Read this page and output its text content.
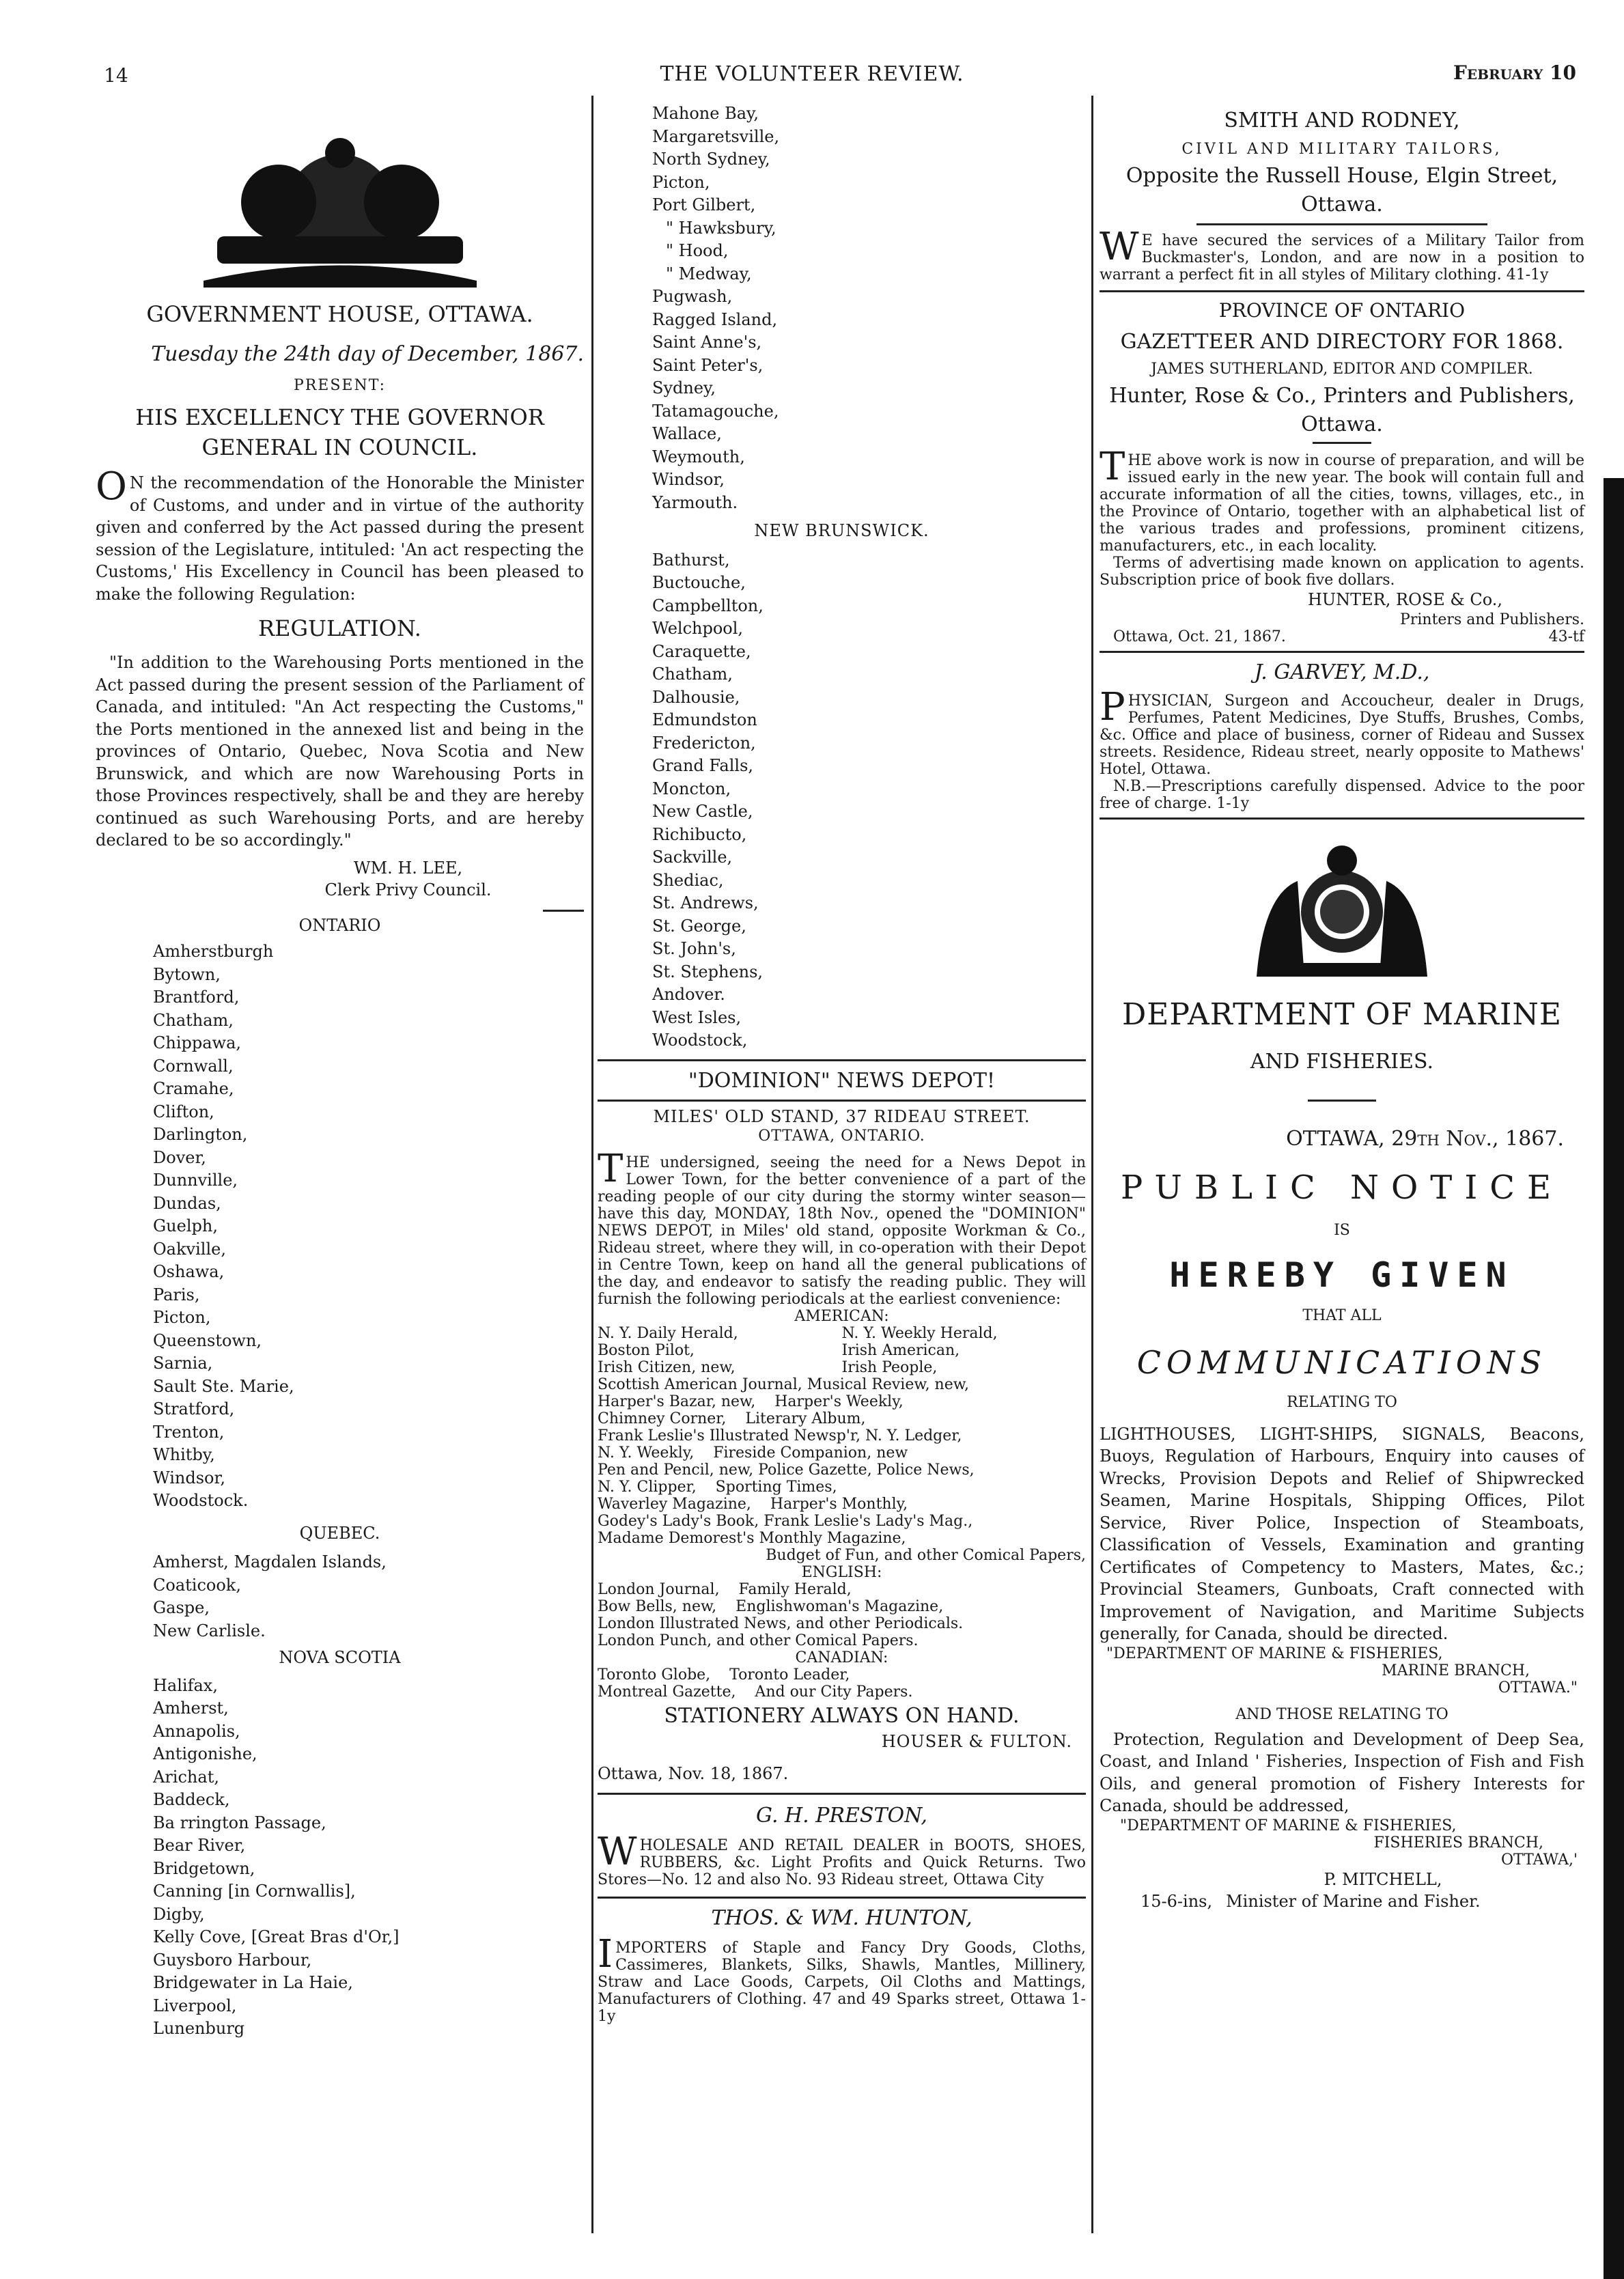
14	THE VOLUNTEER REVIEW.	February 10
GOVERNMENT HOUSE, OTTAWA.
Tuesday the 24th day of December, 1867.
PRESENT:
HIS EXCELLENCY THE GOVERNOR GENERAL IN COUNCIL.

ON the recommendation of the Honorable the Minister of Customs, and under and in virtue of the authority given and conferred by the Act passed during the present session of the Legislature, intituled: 'An act respecting the Customs,' His Excellency in Council has been pleased to make the following Regulation:

REGULATION.

"In addition to the Warehousing Ports mentioned in the Act passed during the present session of the Parliament of Canada, and intituled: "An Act respecting the Customs," the Ports mentioned in the annexed list and being in the provinces of Ontario, Quebec, Nova Scotia and New Brunswick, and which are now Warehousing Ports in those Provinces respectively, shall be and they are hereby continued as such Warehousing Ports, and are hereby declared to be so accordingly."

WM. H. LEE,
Clerk Privy Council.
ONTARIO
Amherstburgh
Bytown,
Brantford,
Chatham,
Chippawa,
Cornwall,
Cramahe,
Clifton,
Darlington,
Dover,
Dunnville,
Dundas,
Guelph,
Oakville,
Oshawa,
Paris,
Picton,
Queenstown,
Sarnia,
Sault Ste. Marie,
Stratford,
Trenton,
Whitby,
Windsor,
Woodstock.
QUEBEC.
Amherst, Magdalen Islands,
Coaticook,
Gaspe,
New Carlisle.
NOVA SCOTIA
Halifax,
Amherst,
Annapolis,
Antigonishe,
Arichat,
Baddeck,
Ba rrington Passage,
Bear River,
Bridgetown,
Canning [in Cornwallis],
Digby,
Kelly Cove, [Great Bras d'Or,]
Guysboro Harbour,
Bridgewater in La Haie,
Liverpool,
Lunenburg
Mahone Bay,
Margaretsville,
North Sydney,
Picton,
Port Gilbert,
" Hawksbury,
" Hood,
" Medway,
Pugwash,
Ragged Island,
Saint Anne's,
Saint Peter's,
Sydney,
Tatamagouche,
Wallace,
Weymouth,
Windsor,
Yarmouth.
NEW BRUNSWICK.
Bathurst,
Buctouche,
Campbellton,
Welchpool,
Caraquette,
Chatham,
Dalhousie,
Edmundston
Fredericton,
Grand Falls,
Moncton,
New Castle,
Richibucto,
Sackville,
Shediac,
St. Andrews,
St. George,
St. John's,
St. Stephens,
Andover.
West Isles,
Woodstock,
"DOMINION" NEWS DEPOT!
MILES' OLD STAND, 37 RIDEAU STREET.
OTTAWA, ONTARIO.

THE undersigned, seeing the need for a News Depot in Lower Town, for the better convenience of a part of the reading people of our city during the stormy winter season—have this day, MONDAY, 18th Nov., opened the "DOMINION" NEWS DEPOT, in Miles' old stand, opposite Workman & Co., Rideau street, where they will, in co-operation with their Depot in Centre Town, keep on hand all the general publications of the day, and endeavor to satisfy the reading public. They will furnish the following periodicals at the earliest convenience:

AMERICAN:
N. Y. Daily Herald,	N. Y. Weekly Herald,
Boston Pilot,	Irish American,
Irish Citizen, new,	Irish People,
Scottish American Journal, Musical Review, new,
Harper's Bazar, new,    Harper's Weekly,
Chimney Corner,    Literary Album,
Frank Leslie's Illustrated Newsp'r, N. Y. Ledger,
N. Y. Weekly,    Fireside Companion, new
Pen and Pencil, new, Police Gazette, Police News,
N. Y. Clipper,    Sporting Times,
Waverley Magazine,    Harper's Monthly,
Godey's Lady's Book, Frank Leslie's Lady's Mag.,
Madame Demorest's Monthly Magazine,
Budget of Fun, and other Comical Papers,
ENGLISH:
London Journal,    Family Herald,
Bow Bells, new,    Englishwoman's Magazine,
London Illustrated News, and other Periodicals.
London Punch, and other Comical Papers.
CANADIAN:
Toronto Globe,    Toronto Leader,
Montreal Gazette,    And our City Papers.
STATIONERY ALWAYS ON HAND.
HOUSER & FULTON.
Ottawa, Nov. 18, 1867.
G. H. PRESTON,

WHOLESALE AND RETAIL DEALER in BOOTS, SHOES, RUBBERS, &c. Light Profits and Quick Returns. Two Stores—No. 12 and also No. 93 Rideau street, Ottawa City

THOS. & WM. HUNTON,

IMPORTERS of Staple and Fancy Dry Goods, Cloths, Cassimeres, Blankets, Silks, Shawls, Mantles, Millinery, Straw and Lace Goods, Carpets, Oil Cloths and Mattings, Manufacturers of Clothing. 47 and 49 Sparks street, Ottawa 1-1y

SMITH AND RODNEY,
CIVIL AND MILITARY TAILORS,
Opposite the Russell House, Elgin Street,
Ottawa.

WE have secured the services of a Military Tailor from Buckmaster's, London, and are now in a position to warrant a perfect fit in all styles of Military clothing. 41-1y

PROVINCE OF ONTARIO
GAZETTEER AND DIRECTORY FOR 1868.
JAMES SUTHERLAND, EDITOR AND COMPILER.
Hunter, Rose & Co., Printers and Publishers,
Ottawa.

THE above work is now in course of preparation, and will be issued early in the new year. The book will contain full and accurate information of all the cities, towns, villages, etc., in the Province of Ontario, together with an alphabetical list of the various trades and professions, prominent citizens, manufacturers, etc., in each locality.

Terms of advertising made known on application to agents. Subscription price of book five dollars.

HUNTER, ROSE & Co.,
Printers and Publishers.
Ottawa, Oct. 21, 1867.	43-tf
J. GARVEY, M.D.,

PHYSICIAN, Surgeon and Accoucheur, dealer in Drugs, Perfumes, Patent Medicines, Dye Stuffs, Brushes, Combs, &c. Office and place of business, corner of Rideau and Sussex streets. Residence, Rideau street, nearly opposite to Mathews' Hotel, Ottawa.

N.B.—Prescriptions carefully dispensed. Advice to the poor free of charge. 1-1y

DEPARTMENT OF MARINE
AND FISHERIES.
OTTAWA, 29th Nov., 1867.
PUBLIC NOTICE
IS
HEREBY GIVEN
THAT ALL
COMMUNICATIONS
RELATING TO

LIGHTHOUSES, LIGHT-SHIPS, SIGNALS, Beacons, Buoys, Regulation of Harbours, Enquiry into causes of Wrecks, Provision Depots and Relief of Shipwrecked Seamen, Marine Hospitals, Shipping Offices, Pilot Service, River Police, Inspection of Steamboats, Classification of Vessels, Examination and granting Certificates of Competency to Masters, Mates, &c.; Provincial Steamers, Gunboats, Craft connected with Improvement of Navigation, and Maritime Subjects generally, for Canada, should be directed.

"DEPARTMENT OF MARINE & FISHERIES,
MARINE BRANCH,
OTTAWA."
AND THOSE RELATING TO

Protection, Regulation and Development of Deep Sea, Coast, and Inland ' Fisheries, Inspection of Fish and Fish Oils, and general promotion of Fishery Interests for Canada, should be addressed,

"DEPARTMENT OF MARINE & FISHERIES,
FISHERIES BRANCH,
OTTAWA,'
P. MITCHELL,
15-6-ins, Minister of Marine and Fisher.
